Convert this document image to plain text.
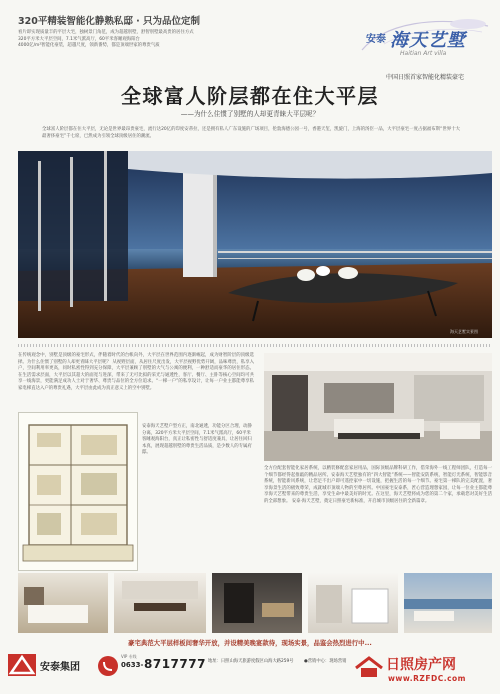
320平精装智能化静熟私邸 · 只为品位定制
看片即实现质量丰的平层大宅，独树景门角范，成为超越别墅，舒智别墅最高贵的居住方式
320平方米大平层空间，7.1米气派高厅，60平米客睡观海阳台
4000亿/m²智能化豪装，超越尺度，领新番势，都是顶端世家的尊贵气质
安泰 海天艺墅
Haitian Art villa
中国日照首家智能化精装豪宅
全球富人阶层都在住大平层
——为什么住惯了别墅的人却更青睐大平层呢？
全球富人阶层都在住大平层，无论是世界最昂贵豪宅，流行达20亿的印度安蒂拉，还是拥有私人广东设施的广场项目，伦敦海德公园一号，香港天玺，凯旋门，上海的汤臣一品，大平层豪宅一度占据福布斯“世界十大最奢侈豪宅”千七席，已然成为引领全球顶级居住的潮流。
海天艺墅实景图
在传统观念中，别墅是顶级的豪宅形式，伴随着时代的台帐向外，大平层在世界范围内逐渐崛起，成为财智阶层的顶级选择。为什么住惯了别墅的人却更青睐大平层呢？ 从视野层面，从居住尺度出发，大平层视野优势开阔，品味尊贵，私享入户，空间利用率更高，同时私密性得到充分保障，大平层兼顾了别墅的大气与公寓的便利，一种舒适而豪华的居住形态。在生活需求层面，大平层以其超大的面宽与进深，带来了无可比拟的采光与通透性，客厅、餐厅、主卧等核心空间均可共享一线海景，更能满足成功人士对于奢华、尊贵与品位的全方位追求。“一梯一户”的私享设计，让每一户业主都能尊享私家电梯直达入户的尊贵礼遇，大平层由此成为真正意义上的空中别墅。
全方位配套智能化家居系统，以精装修配套家居用品，国际顶级品牌科研工作，借荣海外一线工程师团队，打造每一个细节都经得起推敲的精品居所。安泰海天艺墅独有的“四大智能”系统——智能安防系统，智能灯光系统，智能影音系统，智能新风系统，让您足不出户即可遥控家中一切设施，把握生活的每一个细节。豪宅第一梯队的完美配置，奢享海景生活的极致尊荣，成就城市顶端人物的至尊居所。中国豪宅安泰系，匠心营造理想家园，让每一位业主都能尊享海天艺墅带来的尊贵生活，享受生命中最美好的时光。在这里，海天艺墅将成为您的第二个家，承载您对美好生活的全部想象。 安泰·海天艺墅，奠定日照豪宅新标准，开启城市顶级居住的全新篇章。
安泰海天艺墅户型方正，南北通透，功能分区合理，动静分离，320平方米大平层空间，7.1米气派高厅，60平米客睡观海阳台，真正让私密性与舒适度兼具，让居住回归本真，展现超越别墅的尊贵生活品质，是少数人的专属府邸。
豪宅典范大平层样板间奢华开放，并设精美晚宴款待，现场实景，品鉴会热烈进行中...
安泰集团
VIP 专线
0633- 8717777 地址：日照山海天旅游度假区山海大路259号 ●营销中心：现场营销	日照房产网
www.RZFDC.com
